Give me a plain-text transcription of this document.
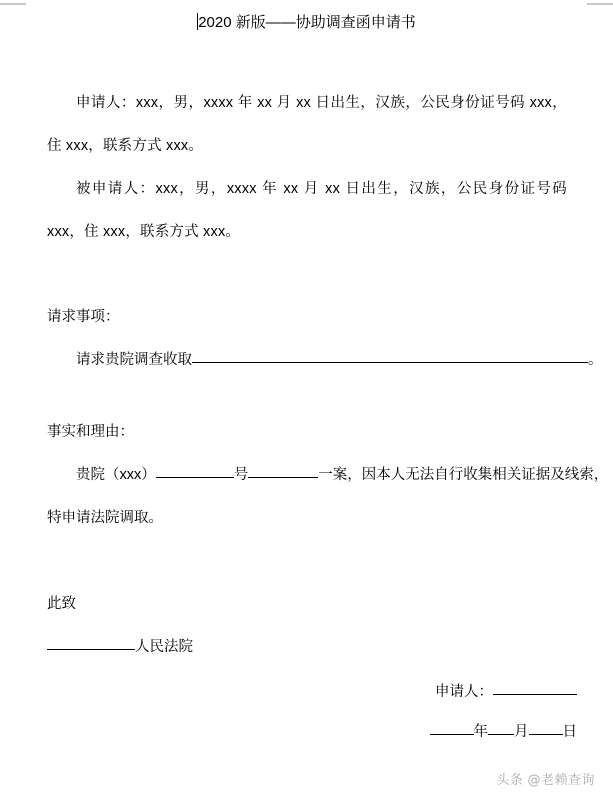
2020 新版——协助调查函申请书
申请人：xxx，男，xxxx 年 xx 月 xx 日出生，汉族，公民身份证号码 xxx，住 xxx，联系方式 xxx。
被申请人：xxx，男，xxxx 年 xx 月 xx 日出生，汉族，公民身份证号码 xxx，住 xxx，联系方式 xxx。
请求事项：
请求贵院调查收取	。
事实和理由：
贵院（xxx）	号	一案，因本人无法自行收集相关证据及线索，
特申请法院调取。
此致
人民法院
申请人：
年 月 日
头条 @老赖查询
